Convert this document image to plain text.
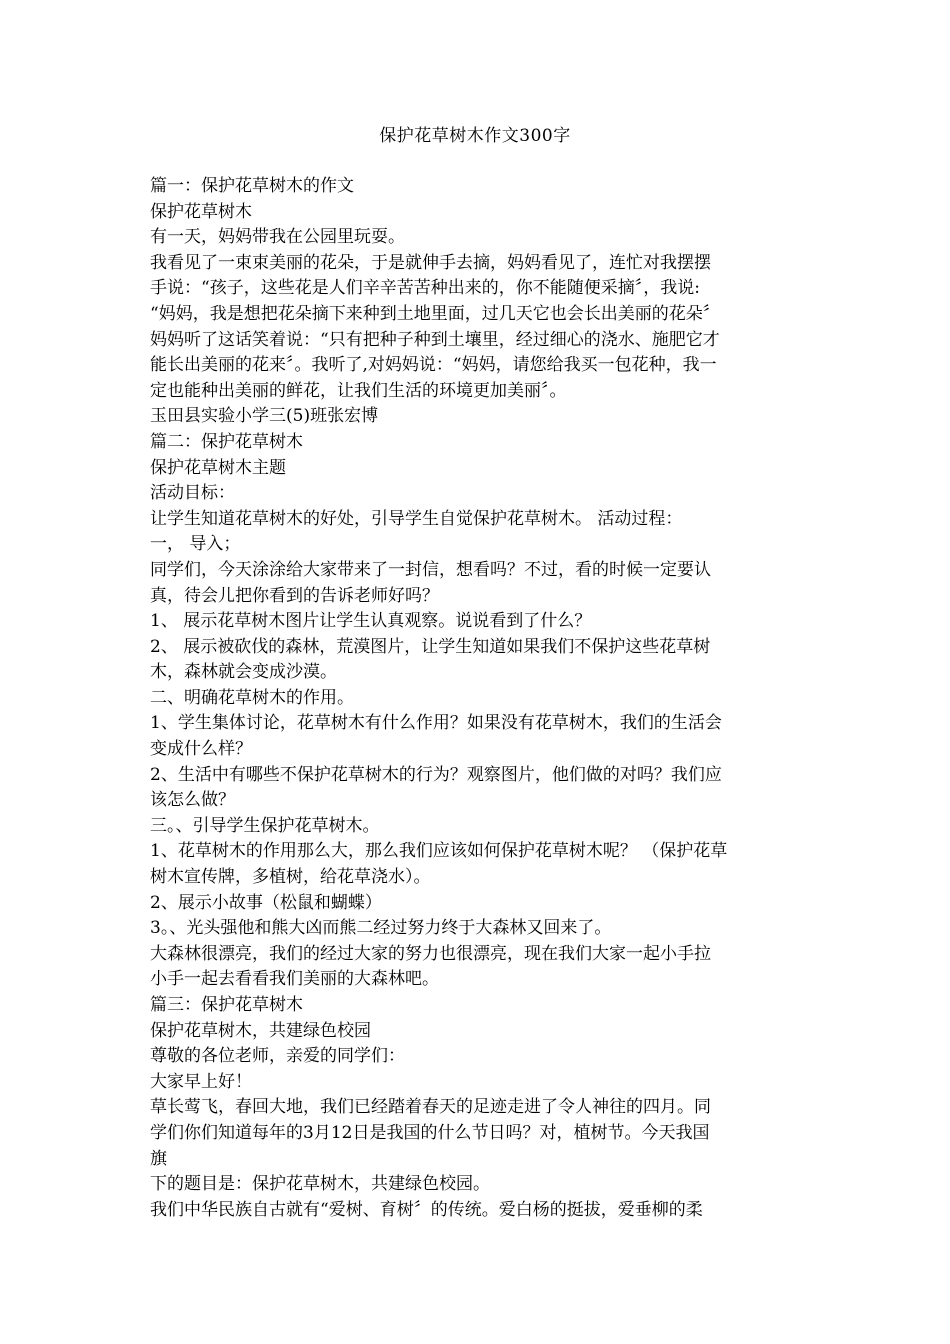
保护花草树木作文300字
篇一：保护花草树木的作文
保护花草树木
有一天，妈妈带我在公园里玩耍。
我看见了一束束美丽的花朵，于是就伸手去摘，妈妈看见了，连忙对我摆摆
手说：“孩子，这些花是人们辛辛苦苦种出来的，你不能随便采摘〞，我说:
“妈妈，我是想把花朵摘下来种到土地里面，过几天它也会长出美丽的花朵〞
妈妈听了这话笑着说：“只有把种子种到土壤里，经过细心的浇水、施肥它才
能长出美丽的花来〞。我听了,对妈妈说：“妈妈，请您给我买一包花种，我一
定也能种出美丽的鲜花，让我们生活的环境更加美丽〞。
玉田县实验小学三(5)班张宏博
篇二：保护花草树木
保护花草树木主题
活动目标：
让学生知道花草树木的好处，引导学生自觉保护花草树木。 活动过程：
一， 导入；
同学们，今天涂涂给大家带来了一封信，想看吗？不过，看的时候一定要认
真，待会儿把你看到的告诉老师好吗？
1、 展示花草树木图片让学生认真观察。说说看到了什么？
2、 展示被砍伐的森林，荒漠图片，让学生知道如果我们不保护这些花草树
木，森林就会变成沙漠。
二、明确花草树木的作用。
1、学生集体讨论，花草树木有什么作用？如果没有花草树木，我们的生活会
变成什么样？
2、生活中有哪些不保护花草树木的行为？观察图片，他们做的对吗？我们应
该怎么做？
三。、引导学生保护花草树木。
1、花草树木的作用那么大，那么我们应该如何保护花草树木呢？ （保护花草
树木宣传牌，多植树，给花草浇水）。
2、展示小故事（松鼠和蝴蝶）
3。、光头强他和熊大凶而熊二经过努力终于大森林又回来了。
大森林很漂亮，我们的经过大家的努力也很漂亮，现在我们大家一起小手拉
小手一起去看看我们美丽的大森林吧。
篇三：保护花草树木
保护花草树木，共建绿色校园
尊敬的各位老师，亲爱的同学们：
大家早上好！
草长莺飞，春回大地，我们已经踏着春天的足迹走进了令人神往的四月。同
学们你们知道每年的3月12日是我国的什么节日吗？对，植树节。今天我国
旗
下的题目是：保护花草树木，共建绿色校园。
我们中华民族自古就有“爱树、育树〞的传统。爱白杨的挺拔，爱垂柳的柔
